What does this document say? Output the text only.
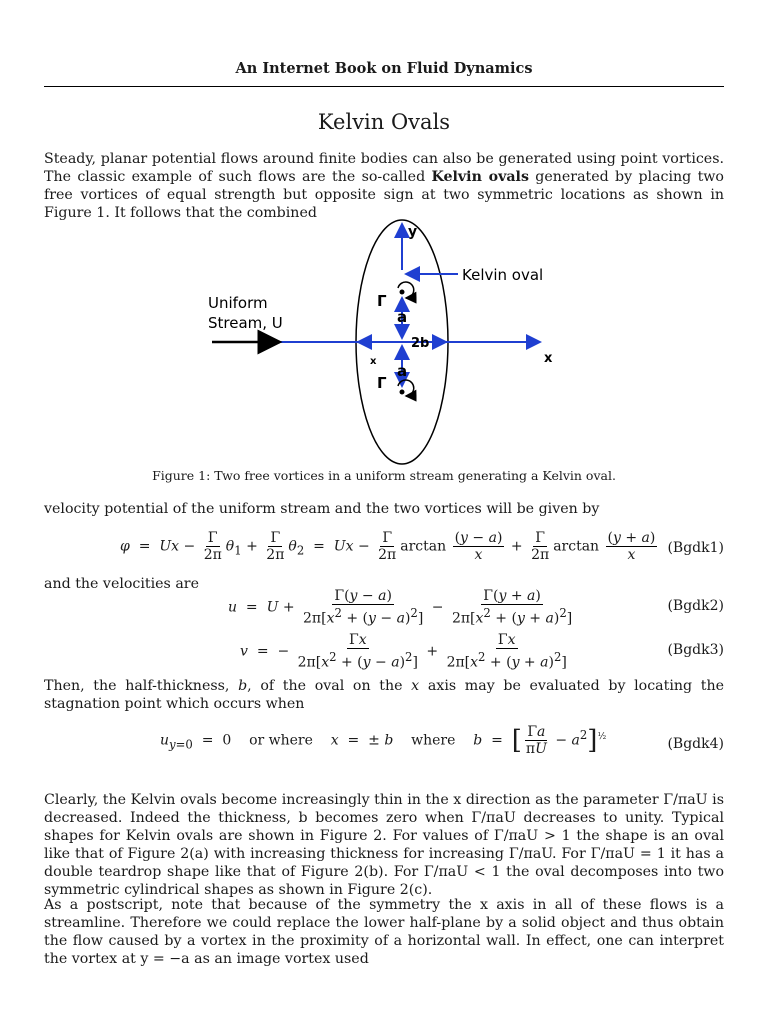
An Internet Book on Fluid Dynamics
Kelvin Ovals
Steady, planar potential flows around finite bodies can also be generated using point vortices. The classic example of such flows are the so-called Kelvin ovals generated by placing two free vortices of equal strength but opposite sign at two symmetric locations as shown in Figure 1. It follows that the combined
Uniform
Stream, U
Kelvin oval
y
x
x
Γ
Γ
a
a
2b
Figure 1: Two free vortices in a uniform stream generating a Kelvin oval.
velocity potential of the uniform stream and the two vortices will be given by
$\varphi = Ux - \frac{\Gamma}{2\pi} \theta_1 + \frac{\Gamma}{2\pi} \theta_2 = Ux - \frac{\Gamma}{2\pi}$ $\arctan \frac{(y - a)}{x} + \frac{\Gamma}{2\pi}$ $\arctan \frac{(y + a)}{x}$ (Bgdk1)
and the velocities are
$u = U + \frac{\Gamma(y - a)}{2\pi[x^2 + (y - a)^2]} - \frac{\Gamma(y + a)}{2\pi[x^2 + (y + a)^2]}$	(Bgdk2)
v  =  − $\frac{\Gamma x}{2\pi[x^2 + (y - a)^2]} + \frac{\Gamma x}{2\pi[x^2 + (y + a)^2]}$	(Bgdk3)
Then, the half-thickness, b, of the oval on the x axis may be evaluated by locating the stagnation point which occurs when
$u_{y=0} = 0$    or where x  =  ± b where b  =  [ $\frac{\Gamma a}{\pi U} - a^2]^{\frac{1}{2}}$	(Bgdk4)
Clearly, the Kelvin ovals become increasingly thin in the x direction as the parameter Γ/πaU is decreased. Indeed the thickness, b becomes zero when Γ/πaU decreases to unity. Typical shapes for Kelvin ovals are shown in Figure 2. For values of Γ/πaU > 1 the shape is an oval like that of Figure 2(a) with increasing thickness for increasing Γ/πaU. For Γ/πaU = 1 it has a double teardrop shape like that of Figure 2(b). For Γ/πaU < 1 the oval decomposes into two symmetric cylindrical shapes as shown in Figure 2(c).
As a postscript, note that because of the symmetry the x axis in all of these flows is a streamline. Therefore we could replace the lower half-plane by a solid object and thus obtain the flow caused by a vortex in the proximity of a horizontal wall. In effect, one can interpret the vortex at y = −a as an image vortex used
